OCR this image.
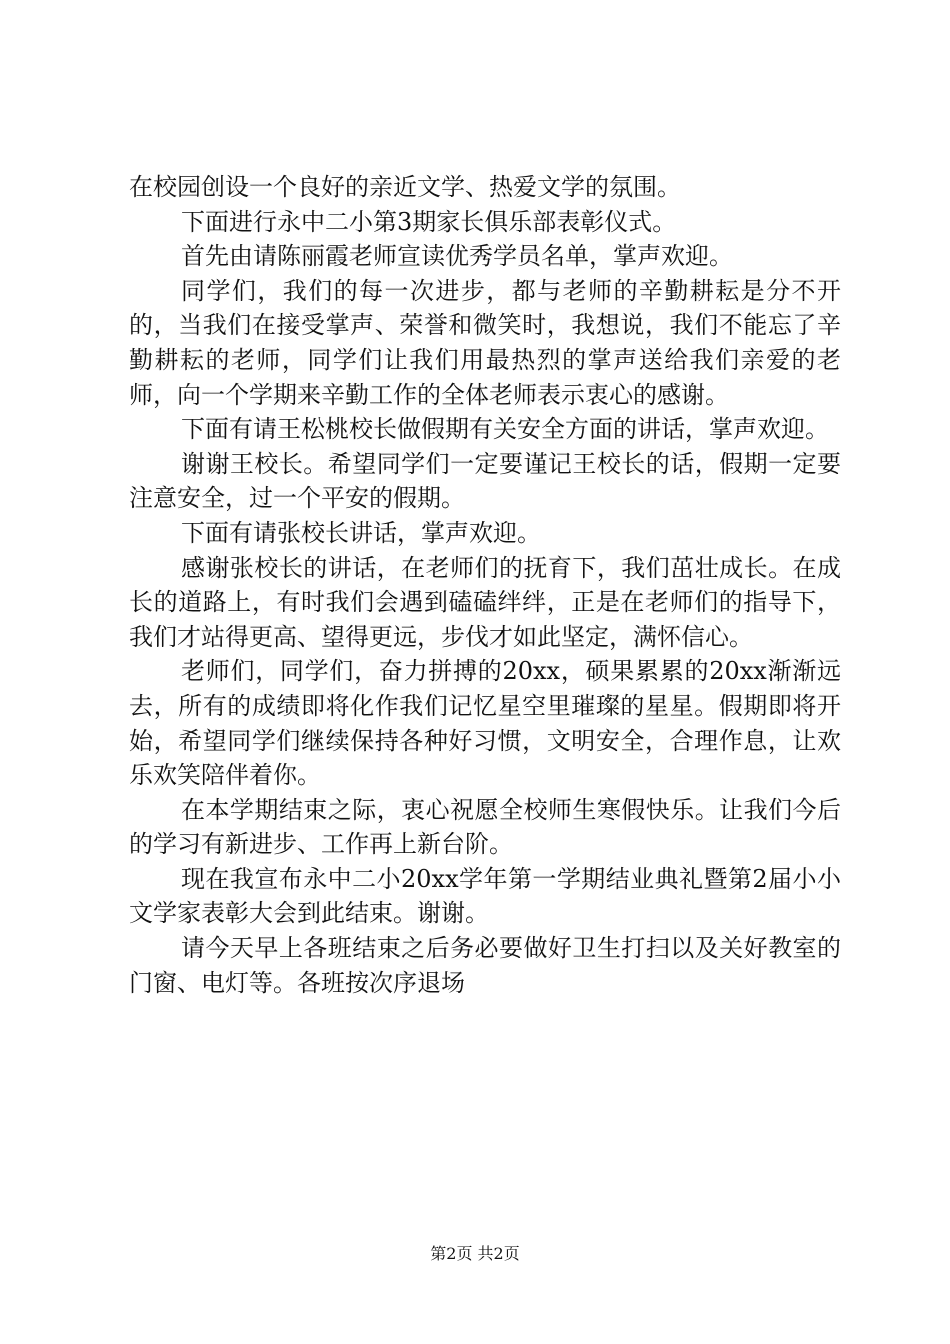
在校园创设一个良好的亲近文学、热爱文学的氛围。

下面进行永中二小第3期家长俱乐部表彰仪式。

首先由请陈丽霞老师宣读优秀学员名单，掌声欢迎。

同学们，我们的每一次进步，都与老师的辛勤耕耘是分不开的，当我们在接受掌声、荣誉和微笑时，我想说，我们不能忘了辛勤耕耘的老师，同学们让我们用最热烈的掌声送给我们亲爱的老师，向一个学期来辛勤工作的全体老师表示衷心的感谢。

下面有请王松桃校长做假期有关安全方面的讲话，掌声欢迎。

谢谢王校长。希望同学们一定要谨记王校长的话，假期一定要注意安全，过一个平安的假期。

下面有请张校长讲话，掌声欢迎。

感谢张校长的讲话，在老师们的抚育下，我们茁壮成长。在成长的道路上，有时我们会遇到磕磕绊绊，正是在老师们的指导下，我们才站得更高、望得更远，步伐才如此坚定，满怀信心。

老师们，同学们，奋力拼搏的20xx，硕果累累的20xx渐渐远去，所有的成绩即将化作我们记忆星空里璀璨的星星。假期即将开始，希望同学们继续保持各种好习惯，文明安全，合理作息，让欢乐欢笑陪伴着你。

在本学期结束之际，衷心祝愿全校师生寒假快乐。让我们今后的学习有新进步、工作再上新台阶。

现在我宣布永中二小20xx学年第一学期结业典礼暨第2届小小文学家表彰大会到此结束。谢谢。

请今天早上各班结束之后务必要做好卫生打扫以及关好教室的门窗、电灯等。各班按次序退场

第2页 共2页
